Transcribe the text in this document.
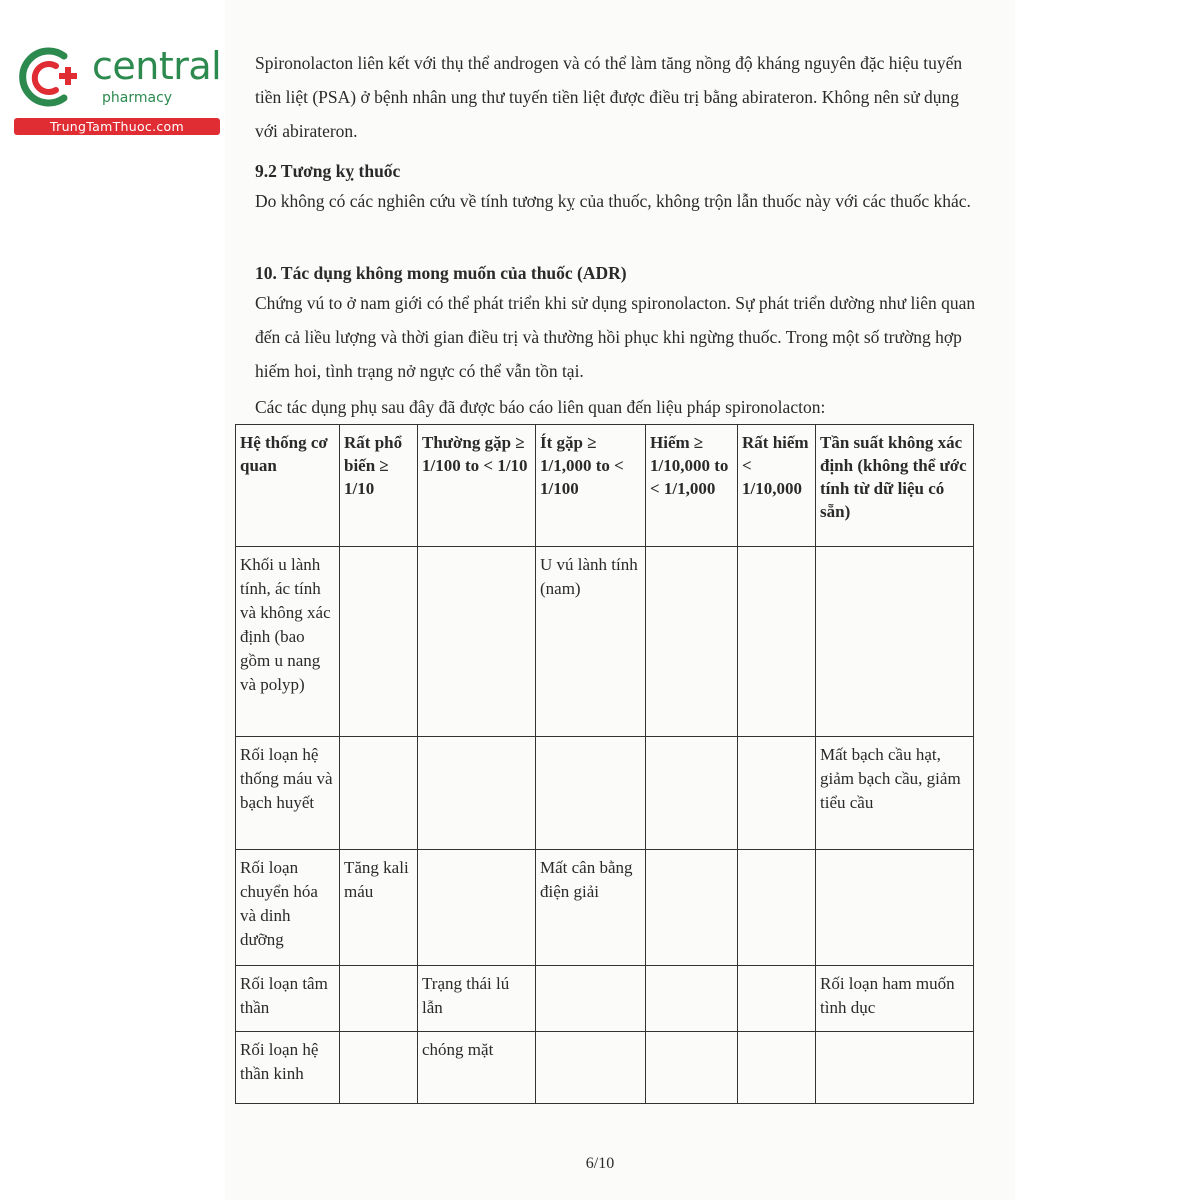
central
pharmacy
TrungTamThuoc.com

Spironolacton liên kết với thụ thể androgen và có thể làm tăng nồng độ kháng nguyên đặc hiệu tuyến tiền liệt (PSA) ở bệnh nhân ung thư tuyến tiền liệt được điều trị bằng abirateron. Không nên sử dụng với abirateron.

9.2 Tương kỵ thuốc

Do không có các nghiên cứu về tính tương kỵ của thuốc, không trộn lẫn thuốc này với các thuốc khác.

10. Tác dụng không mong muốn của thuốc (ADR)

Chứng vú to ở nam giới có thể phát triển khi sử dụng spironolacton. Sự phát triển dường như liên quan đến cả liều lượng và thời gian điều trị và thường hồi phục khi ngừng thuốc. Trong một số trường hợp hiếm hoi, tình trạng nở ngực có thể vẫn tồn tại.

Các tác dụng phụ sau đây đã được báo cáo liên quan đến liệu pháp spironolacton:

Hệ thống cơ quan	Rất phổ biến ≥ 1/10	Thường gặp ≥ 1/100 to < 1/10	Ít gặp ≥ 1/1,000 to < 1/100	Hiếm ≥ 1/10,000 to < 1/1,000	Rất hiếm < 1/10,000	Tần suất không xác định (không thể ước tính từ dữ liệu có sẵn)
Khối u lành tính, ác tính và không xác định (bao gồm u nang và polyp)			U vú lành tính (nam)			
Rối loạn hệ thống máu và bạch huyết						Mất bạch cầu hạt, giảm bạch cầu, giảm tiểu cầu
Rối loạn chuyển hóa và dinh dưỡng	Tăng kali máu		Mất cân bằng điện giải			
Rối loạn tâm thần		Trạng thái lú lẫn				Rối loạn ham muốn tình dục
Rối loạn hệ thần kinh		chóng mặt				
6/10
